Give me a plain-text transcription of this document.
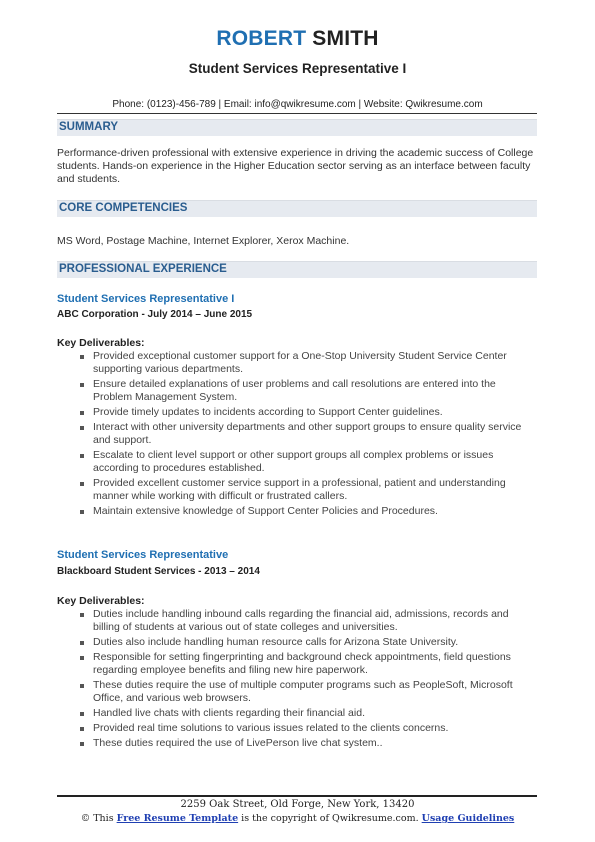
ROBERT SMITH
Student Services Representative I
Phone: (0123)-456-789 | Email: info@qwikresume.com | Website: Qwikresume.com
SUMMARY
Performance-driven professional with extensive experience in driving the academic success of College students. Hands-on experience in the Higher Education sector serving as an interface between faculty and students.
CORE COMPETENCIES
MS Word, Postage Machine, Internet Explorer, Xerox Machine.
PROFESSIONAL EXPERIENCE
Student Services Representative I
ABC Corporation - July 2014 – June 2015
Key Deliverables:
Provided exceptional customer support for a One-Stop University Student Service Center supporting various departments.
Ensure detailed explanations of user problems and call resolutions are entered into the Problem Management System.
Provide timely updates to incidents according to Support Center guidelines.
Interact with other university departments and other support groups to ensure quality service and support.
Escalate to client level support or other support groups all complex problems or issues according to procedures established.
Provided excellent customer service support in a professional, patient and understanding manner while working with difficult or frustrated callers.
Maintain extensive knowledge of Support Center Policies and Procedures.
Student Services Representative
Blackboard Student Services - 2013 – 2014
Key Deliverables:
Duties include handling inbound calls regarding the financial aid, admissions, records and billing of students at various out of state colleges and universities.
Duties also include handling human resource calls for Arizona State University.
Responsible for setting fingerprinting and background check appointments, field questions regarding employee benefits and filing new hire paperwork.
These duties require the use of multiple computer programs such as PeopleSoft, Microsoft Office, and various web browsers.
Handled live chats with clients regarding their financial aid.
Provided real time solutions to various issues related to the clients concerns.
These duties required the use of LivePerson live chat system..
2259 Oak Street, Old Forge, New York, 13420
© This Free Resume Template is the copyright of Qwikresume.com. Usage Guidelines
